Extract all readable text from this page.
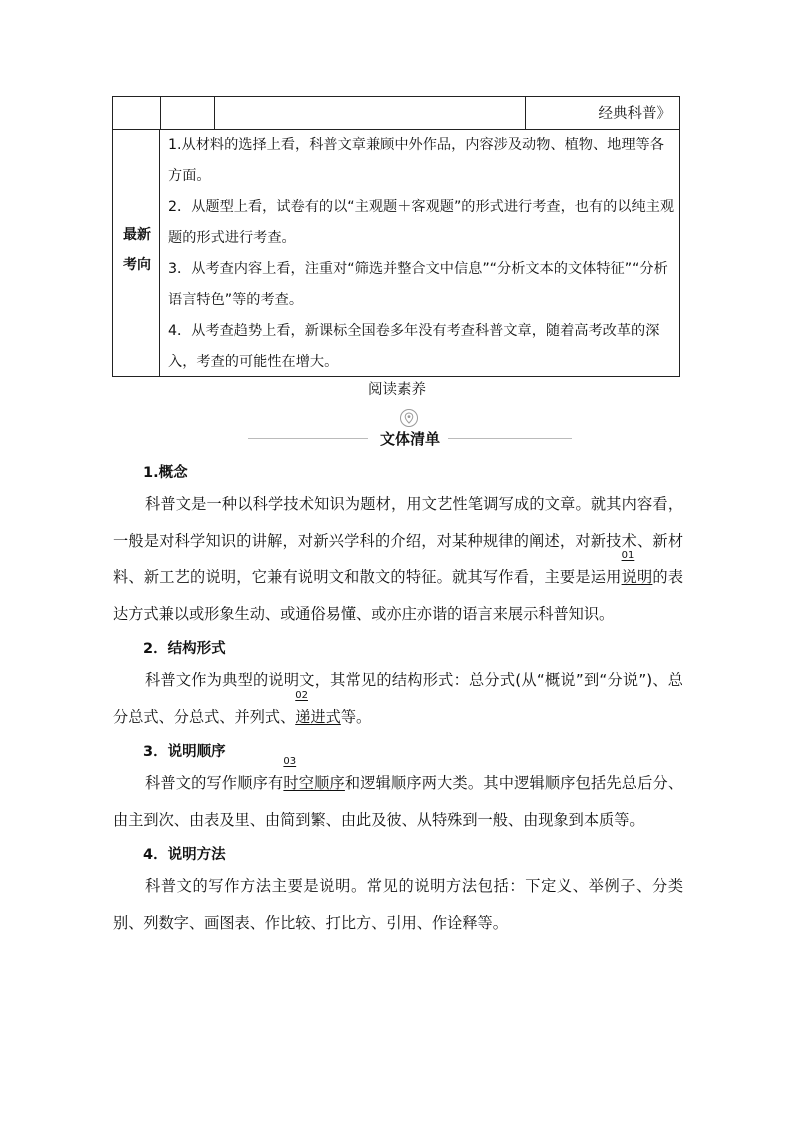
经典科普》
最新考向

1.从材料的选择上看，科普文章兼顾中外作品，内容涉及动物、植物、地理等各方面。

2．从题型上看，试卷有的以“主观题＋客观题”的形式进行考查，也有的以纯主观题的形式进行考查。

3．从考查内容上看，注重对“筛选并整合文中信息”“分析文本的文体特征”“分析语言特色”等的考查。

4．从考查趋势上看，新课标全国卷多年没有考查科普文章，随着高考改革的深入，考查的可能性在增大。

阅读素养
文体清单

1.概念

科普文是一种以科学技术知识为题材，用文艺性笔调写成的文章。就其内容看，一般是对科学知识的讲解，对新兴学科的介绍，对某种规律的阐述，对新技术、新材料、新工艺的说明，它兼有说明文和散文的特征。就其写作看，主要是运用
01
说明的表达方式兼以或形象生动、或通俗易懂、或亦庄亦谐的语言来展示科普知识。

2．结构形式

科普文作为典型的说明文，其常见的结构形式：总分式(从“概说”到“分说”)、总分总式、分总式、并列式、
02
递进式等。

3．说明顺序

科普文的写作顺序有
03
时空顺序和逻辑顺序两大类。其中逻辑顺序包括先总后分、由主到次、由表及里、由简到繁、由此及彼、从特殊到一般、由现象到本质等。

4．说明方法

科普文的写作方法主要是说明。常见的说明方法包括：下定义、举例子、分类别、列数字、画图表、作比较、打比方、引用、作诠释等。
